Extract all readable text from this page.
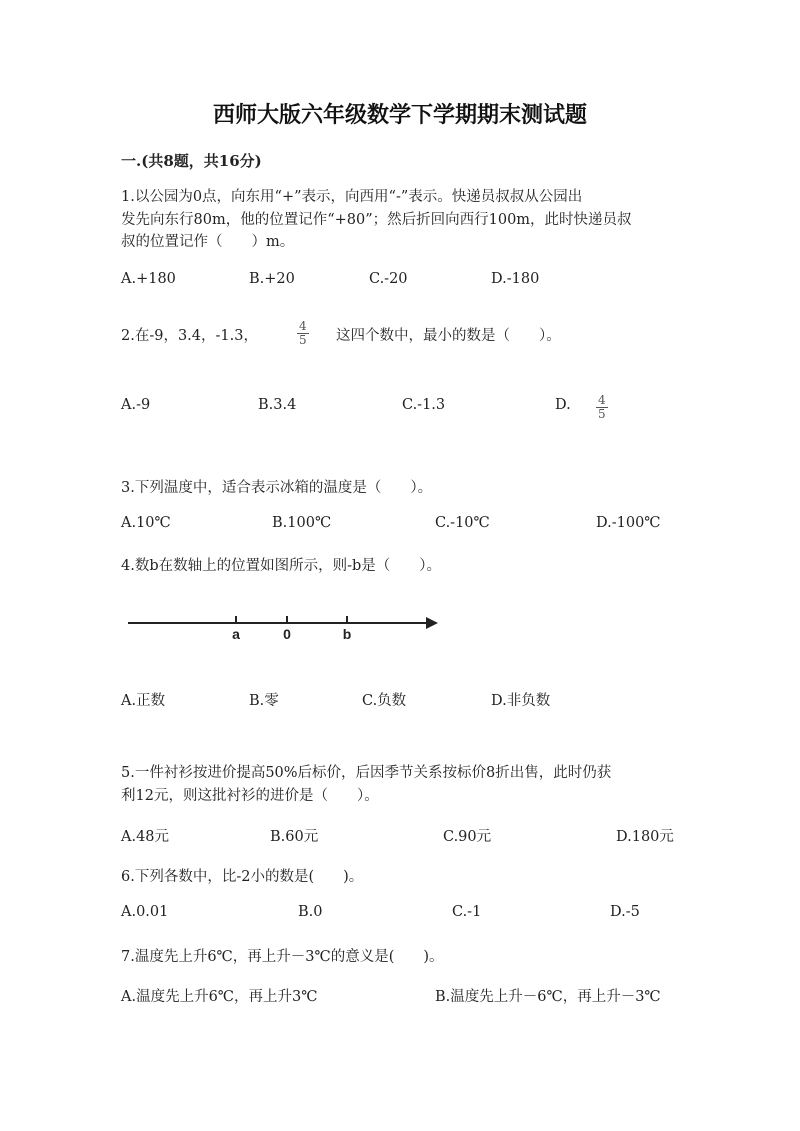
西师大版六年级数学下学期期末测试题
一.(共8题，共16分)
1.以公园为0点，向东用“+”表示，向西用“-”表示。快递员叔叔从公园出
发先向东行80m，他的位置记作“+80”；然后折回向西行100m，此时快递员叔
叔的位置记作（　　）m。
A.+180	B.+20	C.-20	D.-180
2.在-9，3.4，-1.3，	$\frac{4}{5}$ 这四个数中，最小的数是（　　）。
A.-9	B.3.4	C.-1.3	D. $\frac{4}{5}$
3.下列温度中，适合表示冰箱的温度是（　　）。
A.10℃	B.100℃	C.-10℃	D.-100℃
4.数b在数轴上的位置如图所示，则-b是（　　）。
a	0	b
A.正数	B.零	C.负数	D.非负数
5.一件衬衫按进价提高50%后标价，后因季节关系按标价8折出售，此时仍获
利12元，则这批衬衫的进价是（　　）。
A.48元	B.60元	C.90元	D.180元
6.下列各数中，比-2小的数是(　　)。
A.0.01	B.0	C.-1	D.-5
7.温度先上升6℃，再上升－3℃的意义是(　　)。
A.温度先上升6℃，再上升3℃	B.温度先上升－6℃，再上升－3℃
